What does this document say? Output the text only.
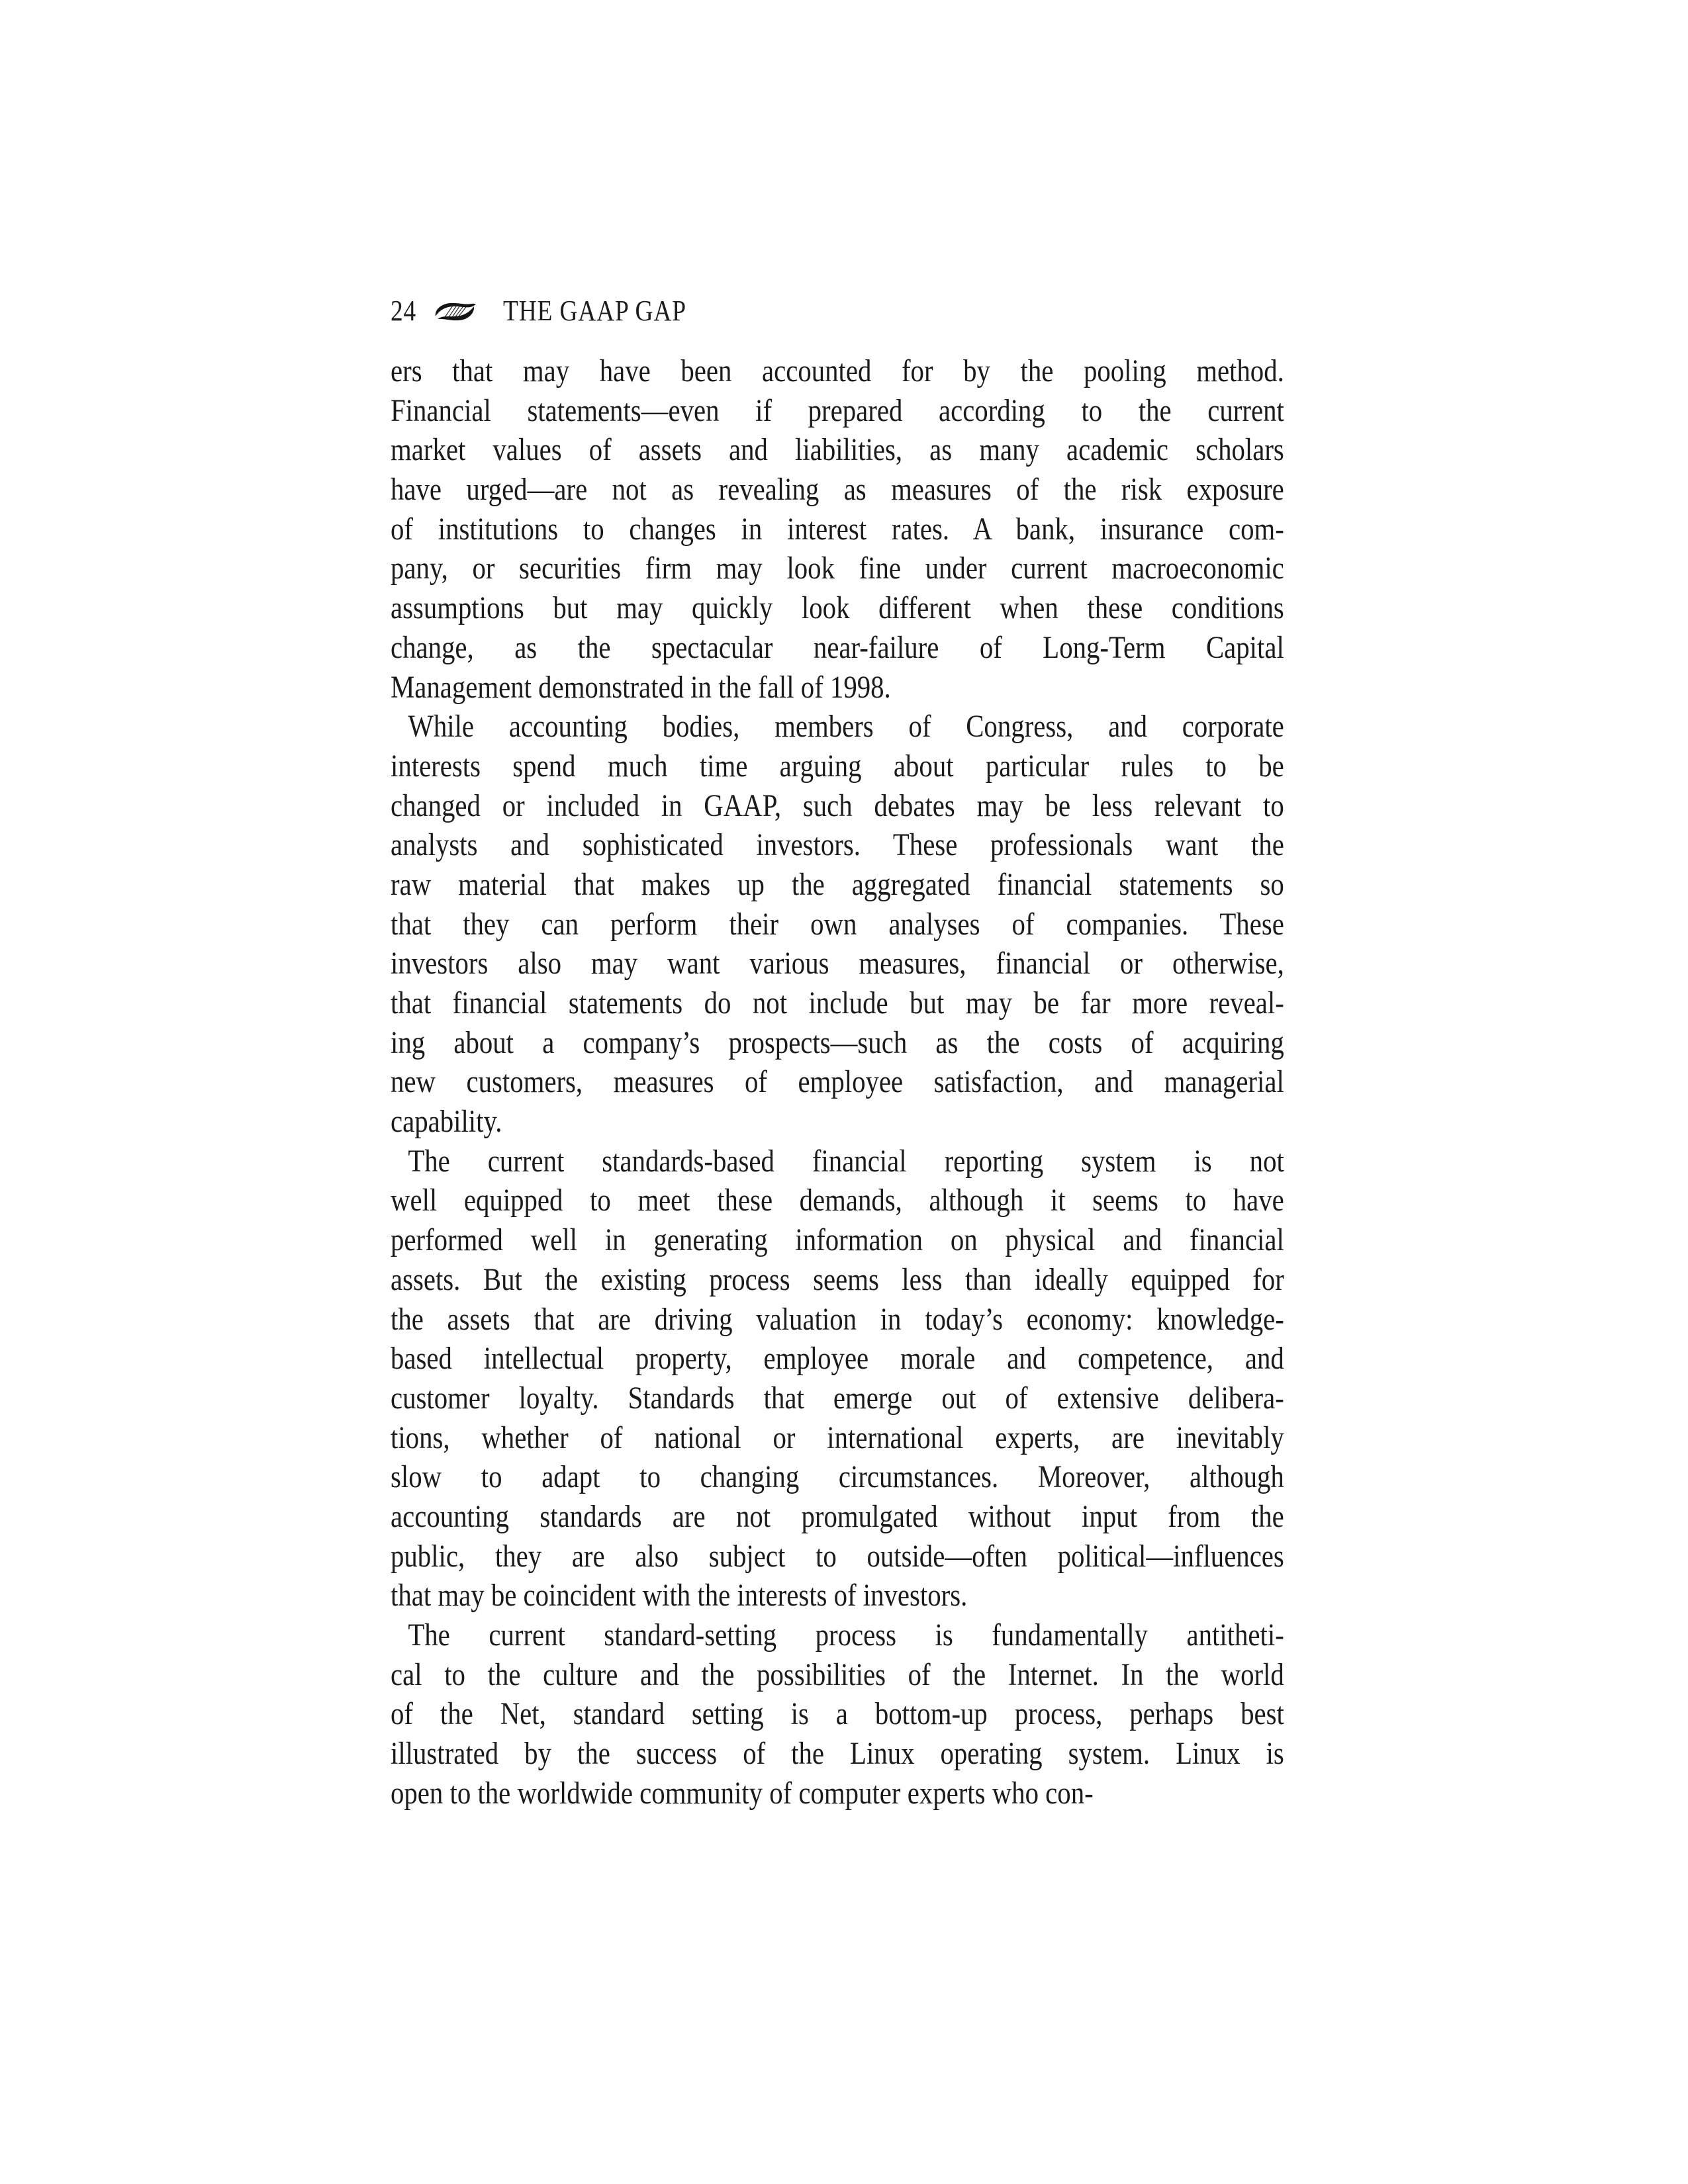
24	THE GAAP GAP
ers that may have been accounted for by the pooling method.
Financial statements—even if prepared according to the current
market values of assets and liabilities, as many academic scholars
have urged—are not as revealing as measures of the risk exposure
of institutions to changes in interest rates. A bank, insurance com-
pany, or securities firm may look fine under current macroeconomic
assumptions but may quickly look different when these conditions
change, as the spectacular near-failure of Long-Term Capital
Management demonstrated in the fall of 1998.
While accounting bodies, members of Congress, and corporate
interests spend much time arguing about particular rules to be
changed or included in GAAP, such debates may be less relevant to
analysts and sophisticated investors. These professionals want the
raw material that makes up the aggregated financial statements so
that they can perform their own analyses of companies. These
investors also may want various measures, financial or otherwise,
that financial statements do not include but may be far more reveal-
ing about a company’s prospects—such as the costs of acquiring
new customers, measures of employee satisfaction, and managerial
capability.
The current standards-based financial reporting system is not
well equipped to meet these demands, although it seems to have
performed well in generating information on physical and financial
assets. But the existing process seems less than ideally equipped for
the assets that are driving valuation in today’s economy: knowledge-
based intellectual property, employee morale and competence, and
customer loyalty. Standards that emerge out of extensive delibera-
tions, whether of national or international experts, are inevitably
slow to adapt to changing circumstances. Moreover, although
accounting standards are not promulgated without input from the
public, they are also subject to outside—often political—influences
that may be coincident with the interests of investors.
The current standard-setting process is fundamentally antitheti-
cal to the culture and the possibilities of the Internet. In the world
of the Net, standard setting is a bottom-up process, perhaps best
illustrated by the success of the Linux operating system. Linux is
open to the worldwide community of computer experts who con-
